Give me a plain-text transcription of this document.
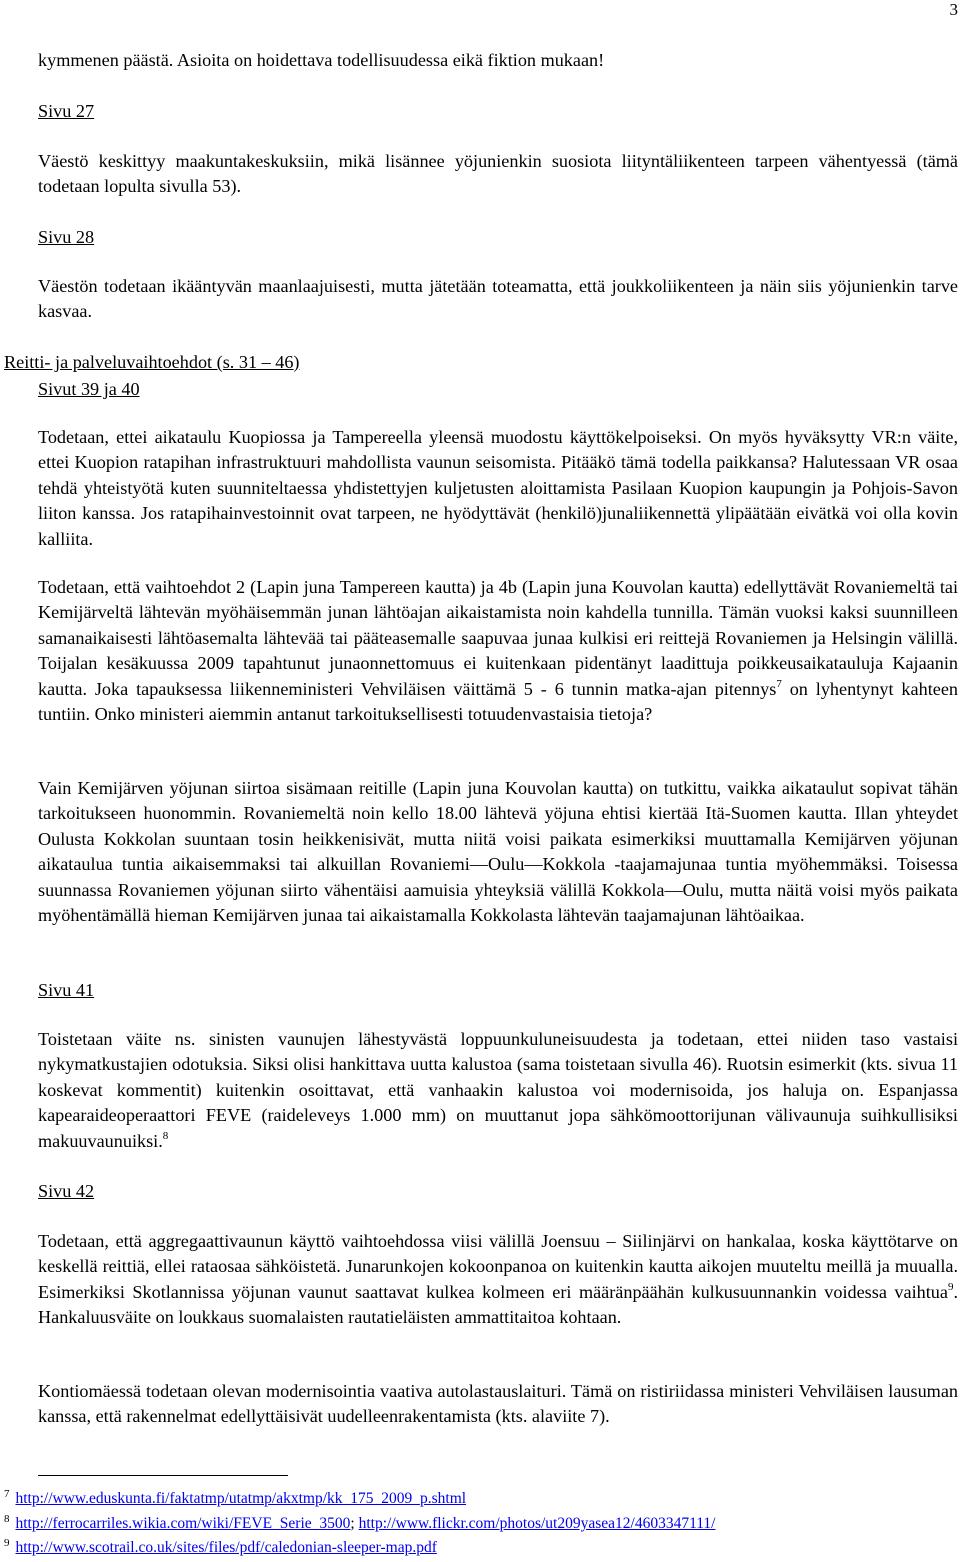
3

kymmenen päästä. Asioita on hoidettava todellisuudessa eikä fiktion mukaan!

Sivu 27

Väestö keskittyy maakuntakeskuksiin, mikä lisännee yöjunienkin suosiota liityntäliikenteen tarpeen vähentyessä (tämä todetaan lopulta sivulla 53).

Sivu 28

Väestön todetaan ikääntyvän maanlaajuisesti, mutta jätetään toteamatta, että joukkoliikenteen ja näin siis yöjunienkin tarve kasvaa.

Reitti- ja palveluvaihtoehdot (s. 31 – 46)
Sivut 39 ja 40

Todetaan, ettei aikataulu Kuopiossa ja Tampereella yleensä muodostu käyttökelpoiseksi. On myös hyväksytty VR:n väite, ettei Kuopion ratapihan infrastruktuuri mahdollista vaunun seisomista. Pitääkö tämä todella paikkansa? Halutessaan VR osaa tehdä yhteistyötä kuten suunniteltaessa yhdistettyjen kuljetusten aloittamista Pasilaan Kuopion kaupungin ja Pohjois-Savon liiton kanssa. Jos ratapihainvestoinnit ovat tarpeen, ne hyödyttävät (henkilö)junaliikennettä ylipäätään eivätkä voi olla kovin kalliita.

Todetaan, että vaihtoehdot 2 (Lapin juna Tampereen kautta) ja 4b (Lapin juna Kouvolan kautta) edellyttävät Rovaniemeltä tai Kemijärveltä lähtevän myöhäisemmän junan lähtöajan aikaistamista noin kahdella tunnilla. Tämän vuoksi kaksi suunnilleen samanaikaisesti lähtöasemalta lähtevää tai pääteasemalle saapuvaa junaa kulkisi eri reittejä Rovaniemen ja Helsingin välillä. Toijalan kesäkuussa 2009 tapahtunut junaonnettomuus ei kuitenkaan pidentänyt laadittuja poikkeusaikatauluja Kajaanin kautta. Joka tapauksessa liikenneministeri Vehviläisen väittämä 5 - 6 tunnin matka-ajan pitennys$^7$ on lyhentynyt kahteen tuntiin. Onko ministeri aiemmin antanut tarkoituksellisesti totuudenvastaisia tietoja?

Vain Kemijärven yöjunan siirtoa sisämaan reitille (Lapin juna Kouvolan kautta) on tutkittu, vaikka aikataulut sopivat tähän tarkoitukseen huonommin. Rovaniemeltä noin kello 18.00 lähtevä yöjuna ehtisi kiertää Itä-Suomen kautta. Illan yhteydet Oulusta Kokkolan suuntaan tosin heikkenisivät, mutta niitä voisi paikata esimerkiksi muuttamalla Kemijärven yöjunan aikataulua tuntia aikaisemmaksi tai alkuillan Rovaniemi—Oulu—Kokkola -taajamajunaa tuntia myöhemmäksi. Toisessa suunnassa Rovaniemen yöjunan siirto vähentäisi aamuisia yhteyksiä välillä Kokkola—Oulu, mutta näitä voisi myös paikata myöhentämällä hieman Kemijärven junaa tai aikaistamalla Kokkolasta lähtevän taajamajunan lähtöaikaa.

Sivu 41

Toistetaan väite ns. sinisten vaunujen lähestyvästä loppuunkuluneisuudesta ja todetaan, ettei niiden taso vastaisi nykymatkustajien odotuksia. Siksi olisi hankittava uutta kalustoa (sama toistetaan sivulla 46). Ruotsin esimerkit (kts. sivua 11 koskevat kommentit) kuitenkin osoittavat, että vanhaakin kalustoa voi modernisoida, jos haluja on. Espanjassa kapearaideoperaattori FEVE (raideleveys 1.000 mm) on muuttanut jopa sähkömoottorijunan välivaunuja suihkullisiksi makuuvaunuiksi.$^8$

Sivu 42

Todetaan, että aggregaattivaunun käyttö vaihtoehdossa viisi välillä Joensuu – Siilinjärvi on hankalaa, koska käyttötarve on keskellä reittiä, ellei rataosaa sähköistetä. Junarunkojen kokoonpanoa on kuitenkin kautta aikojen muuteltu meillä ja muualla. Esimerkiksi Skotlannissa yöjunan vaunut saattavat kulkea kolmeen eri määränpäähän kulkusuunnankin voidessa vaihtua$^9$. Hankaluusväite on loukkaus suomalaisten rautatieläisten ammattitaitoa kohtaan.

Kontiomäessä todetaan olevan modernisointia vaativa autolastauslaituri. Tämä on ristiriidassa ministeri Vehviläisen lausuman kanssa, että rakennelmat edellyttäisivät uudelleenrakentamista (kts. alaviite 7).

$^7$ http://www.eduskunta.fi/faktatmp/utatmp/akxtmp/kk_175_2009_p.shtml
$^8$ http://ferrocarriles.wikia.com/wiki/FEVE_Serie_3500; http://www.flickr.com/photos/ut209yasea12/4603347111/
$^9$ http://www.scotrail.co.uk/sites/files/pdf/caledonian-sleeper-map.pdf
